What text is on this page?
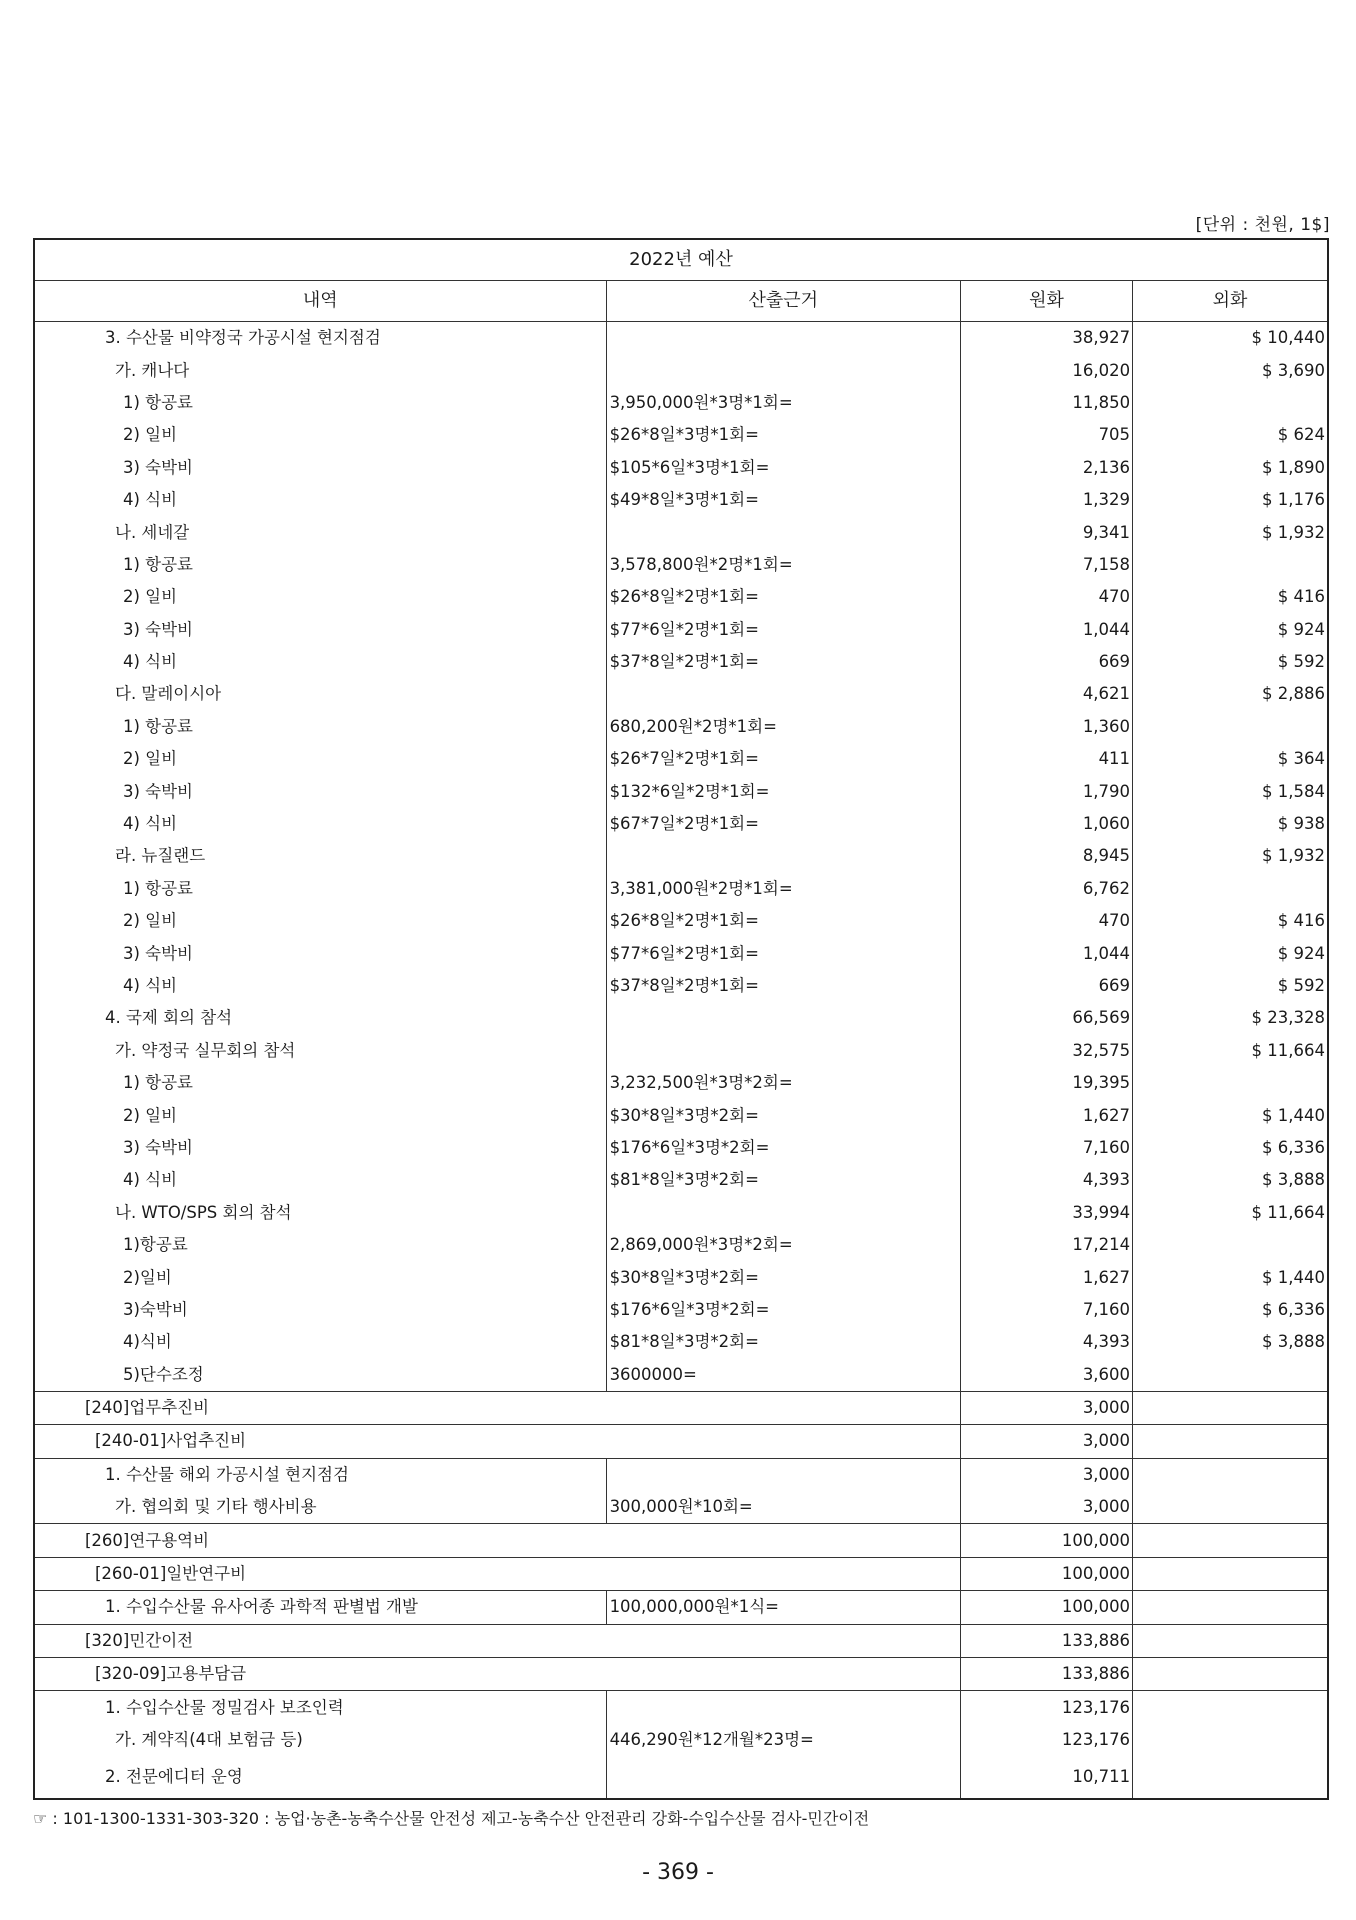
[단위 : 천원, 1$]
2022년 예산			
내역	산출근거	원화	외화
3. 수산물 비약정국 가공시설 현지점검		38,927	$ 10,440
가. 캐나다		16,020	$ 3,690
1) 항공료	3,950,000원*3명*1회=	11,850	
2) 일비	$26*8일*3명*1회=	705	$ 624
3) 숙박비	$105*6일*3명*1회=	2,136	$ 1,890
4) 식비	$49*8일*3명*1회=	1,329	$ 1,176
나. 세네갈		9,341	$ 1,932
1) 항공료	3,578,800원*2명*1회=	7,158	
2) 일비	$26*8일*2명*1회=	470	$ 416
3) 숙박비	$77*6일*2명*1회=	1,044	$ 924
4) 식비	$37*8일*2명*1회=	669	$ 592
다. 말레이시아		4,621	$ 2,886
1) 항공료	680,200원*2명*1회=	1,360	
2) 일비	$26*7일*2명*1회=	411	$ 364
3) 숙박비	$132*6일*2명*1회=	1,790	$ 1,584
4) 식비	$67*7일*2명*1회=	1,060	$ 938
라. 뉴질랜드		8,945	$ 1,932
1) 항공료	3,381,000원*2명*1회=	6,762	
2) 일비	$26*8일*2명*1회=	470	$ 416
3) 숙박비	$77*6일*2명*1회=	1,044	$ 924
4) 식비	$37*8일*2명*1회=	669	$ 592
4. 국제 회의 참석		66,569	$ 23,328
가. 약정국 실무회의 참석		32,575	$ 11,664
1) 항공료	3,232,500원*3명*2회=	19,395	
2) 일비	$30*8일*3명*2회=	1,627	$ 1,440
3) 숙박비	$176*6일*3명*2회=	7,160	$ 6,336
4) 식비	$81*8일*3명*2회=	4,393	$ 3,888
나. WTO/SPS 회의 참석		33,994	$ 11,664
1)항공료	2,869,000원*3명*2회=	17,214	
2)일비	$30*8일*3명*2회=	1,627	$ 1,440
3)숙박비	$176*6일*3명*2회=	7,160	$ 6,336
4)식비	$81*8일*3명*2회=	4,393	$ 3,888
5)단수조정	3600000=	3,600	
[240]업무추진비		3,000	
[240-01]사업추진비		3,000	
1. 수산물 해외 가공시설 현지점검		3,000	
가. 협의회 및 기타 행사비용	300,000원*10회=	3,000	
[260]연구용역비		100,000	
[260-01]일반연구비		100,000	
1. 수입수산물 유사어종 과학적 판별법 개발	100,000,000원*1식=	100,000	
[320]민간이전		133,886	
[320-09]고용부담금		133,886	
1. 수입수산물 정밀검사 보조인력		123,176	
가. 계약직(4대 보험금 등)	446,290원*12개월*23명=	123,176	
2. 전문에디터 운영		10,711	
☞ : 101-1300-1331-303-320 : 농업·농촌-농축수산물 안전성 제고-농축수산 안전관리 강화-수입수산물 검사-민간이전
- 369 -
